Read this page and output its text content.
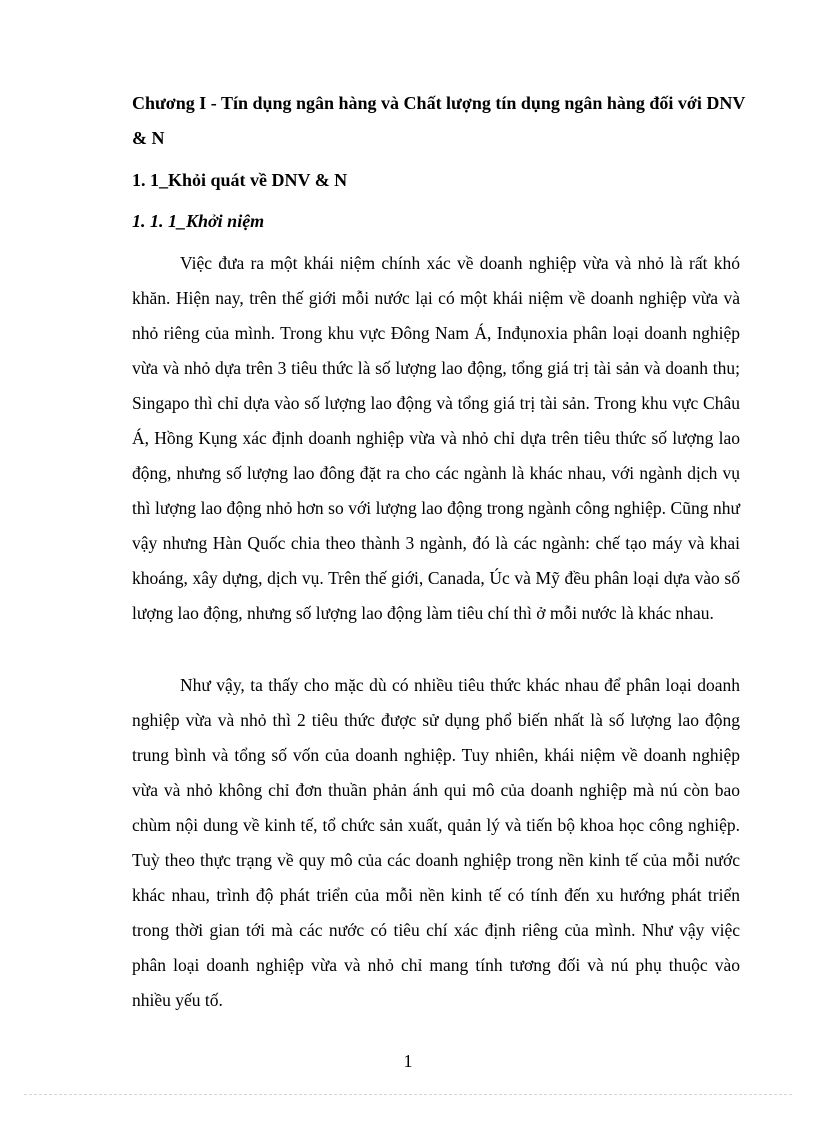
Chương I - Tín dụng ngân hàng và Chất lượng tín dụng ngân hàng đối với DNV & N
1. 1_Khỏi quát về DNV & N
1. 1. 1_Khởi niệm

Việc đưa ra một khái niệm chính xác về doanh nghiệp vừa và nhỏ là rất khó khăn. Hiện nay, trên thế giới mỗi nước lại có một khái niệm về doanh nghiệp vừa và nhỏ riêng của mình. Trong khu vực Đông Nam Á, Inđụnoxia phân loại doanh nghiệp vừa và nhỏ dựa trên 3 tiêu thức là số lượng lao động, tổng giá trị tài sản và doanh thu; Singapo thì chỉ dựa vào số lượng lao động và tổng giá trị tài sản. Trong khu vực Châu Á, Hồng Kụng xác định doanh nghiệp vừa và nhỏ chỉ dựa trên tiêu thức số lượng lao động, nhưng số lượng lao đông đặt ra cho các ngành là khác nhau, với ngành dịch vụ thì lượng lao động nhỏ hơn so với lượng lao động trong ngành công nghiệp. Cũng như vậy nhưng Hàn Quốc chia theo thành 3 ngành, đó là các ngành: chế tạo máy và khai khoáng, xây dựng, dịch vụ. Trên thế giới, Canada, Úc và Mỹ đều phân loại dựa vào số lượng lao động, nhưng số lượng lao động làm tiêu chí thì ở mỗi nước là khác nhau.

Như vậy, ta thấy cho mặc dù có nhiều tiêu thức khác nhau để phân loại doanh nghiệp vừa và nhỏ thì 2 tiêu thức được sử dụng phổ biến nhất là số lượng lao động trung bình và tổng số vốn của doanh nghiệp. Tuy nhiên, khái niệm về doanh nghiệp vừa và nhỏ không chỉ đơn thuần phản ánh qui mô của doanh nghiệp mà nú còn bao chùm nội dung về kinh tế, tổ chức sản xuất, quản lý và tiến bộ khoa học công nghiệp. Tuỳ theo thực trạng về quy mô của các doanh nghiệp trong nền kinh tế của mỗi nước khác nhau, trình độ phát triển của mỗi nền kinh tế có tính đến xu hướng phát triển trong thời gian tới mà các nước có tiêu chí xác định riêng của mình. Như vậy việc phân loại doanh nghiệp vừa và nhỏ chỉ mang tính tương đối và nú phụ thuộc vào nhiều yếu tố.

1
